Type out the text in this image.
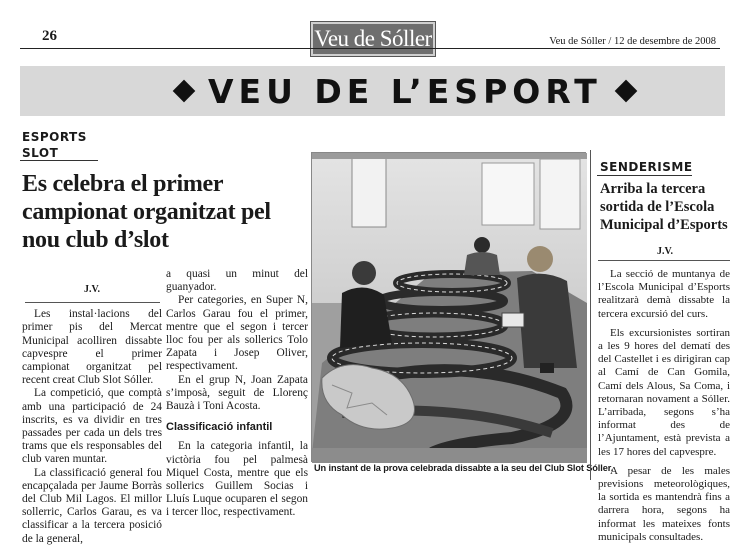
26	Veu de Sóller	Veu de Sóller / 12 de desembre de 2008
VEU DE L’ESPORT
ESPORTS
SLOT
Es celebra el primer campionat organitzat pel nou club d’slot
J.V.

Les instal·lacions del primer pis del Mercat Municipal acolliren dissabte capvespre el primer campionat organitzat pel recent creat Club Slot Sóller.

La competició, que comptà amb una participació de 24 inscrits, es va dividir en tres passades per cada un dels tres trams que els responsables del club varen muntar.

La classificació general fou encapçalada per Jaume Borràs del Club Mil Lagos. El millor sollerric, Carlos Garau, es va classificar a la tercera posició de la general,

a quasi un minut del guanyador.

Per categories, en Super N, Carlos Garau fou el primer, mentre que el segon i tercer lloc fou per als sollerics Tolo Zapata i Josep Oliver, respectivament.

En el grup N, Joan Zapata s’imposà, seguit de Llorenç Bauzà i Toni Acosta.

Classificació infantil

En la categoria infantil, la victòria fou pel palmesà Miquel Costa, mentre que els sollerics Guillem Socias i Lluís Luque ocuparen el segon i tercer lloc, respectivament.

Un instant de la prova celebrada dissabte a la seu del Club Slot Sóller.
SENDERISME
Arriba la tercera sortida de l’Escola Municipal d’Esports
J.V.

La secció de muntanya de l’Escola Municipal d’Esports realitzarà demà dissabte la tercera excursió del curs.

Els excursionistes sortiran a les 9 hores del dematí des del Castellet i es dirigiran cap al Camí de Can Gomila, Camí dels Alous, Sa Coma, i retornaran novament a Sóller. L’arribada, segons s’ha informat des de l’Ajuntament, està prevista a les 17 hores del capvespre.

A pesar de les males previsions meteorològiques, la sortida es mantendrà fins a darrera hora, segons ha informat les mateixes fonts municipals consultades.
